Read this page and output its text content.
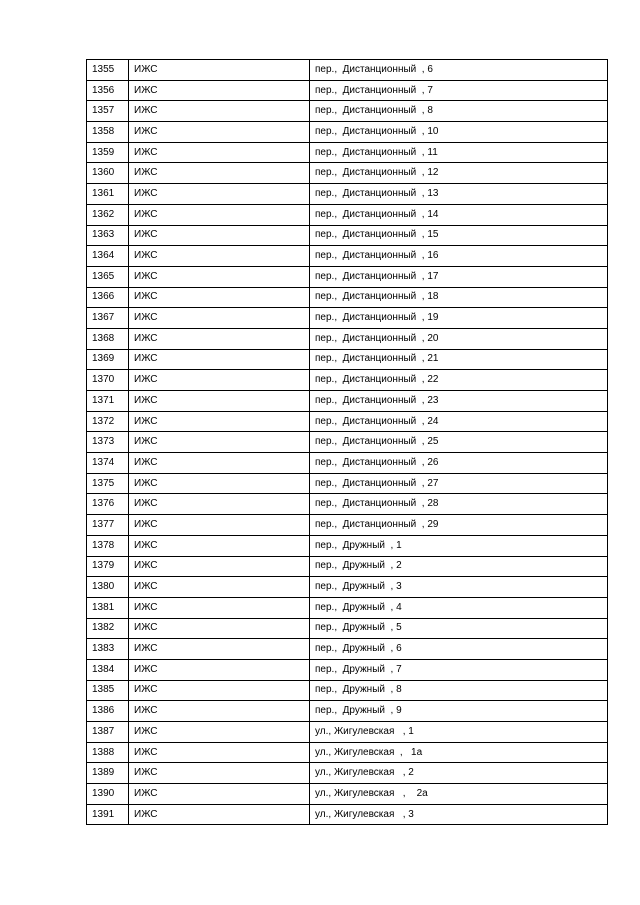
1355	ИЖС	пер.,  Дистанционный  , 6
1356	ИЖС	пер.,  Дистанционный  , 7
1357	ИЖС	пер.,  Дистанционный  , 8
1358	ИЖС	пер.,  Дистанционный  , 10
1359	ИЖС	пер.,  Дистанционный  , 11
1360	ИЖС	пер.,  Дистанционный  , 12
1361	ИЖС	пер.,  Дистанционный  , 13
1362	ИЖС	пер.,  Дистанционный  , 14
1363	ИЖС	пер.,  Дистанционный  , 15
1364	ИЖС	пер.,  Дистанционный  , 16
1365	ИЖС	пер.,  Дистанционный  , 17
1366	ИЖС	пер.,  Дистанционный  , 18
1367	ИЖС	пер.,  Дистанционный  , 19
1368	ИЖС	пер.,  Дистанционный  , 20
1369	ИЖС	пер.,  Дистанционный  , 21
1370	ИЖС	пер.,  Дистанционный  , 22
1371	ИЖС	пер.,  Дистанционный  , 23
1372	ИЖС	пер.,  Дистанционный  , 24
1373	ИЖС	пер.,  Дистанционный  , 25
1374	ИЖС	пер.,  Дистанционный  , 26
1375	ИЖС	пер.,  Дистанционный  , 27
1376	ИЖС	пер.,  Дистанционный  , 28
1377	ИЖС	пер.,  Дистанционный  , 29
1378	ИЖС	пер.,  Дружный  , 1
1379	ИЖС	пер.,  Дружный  , 2
1380	ИЖС	пер.,  Дружный  , 3
1381	ИЖС	пер.,  Дружный  , 4
1382	ИЖС	пер.,  Дружный  , 5
1383	ИЖС	пер.,  Дружный  , 6
1384	ИЖС	пер.,  Дружный  , 7
1385	ИЖС	пер.,  Дружный  , 8
1386	ИЖС	пер.,  Дружный  , 9
1387	ИЖС	ул., Жигулевская   , 1
1388	ИЖС	ул., Жигулевская  ,   1а
1389	ИЖС	ул., Жигулевская   , 2
1390	ИЖС	ул., Жигулевская   ,    2а
1391	ИЖС	ул., Жигулевская   , 3
